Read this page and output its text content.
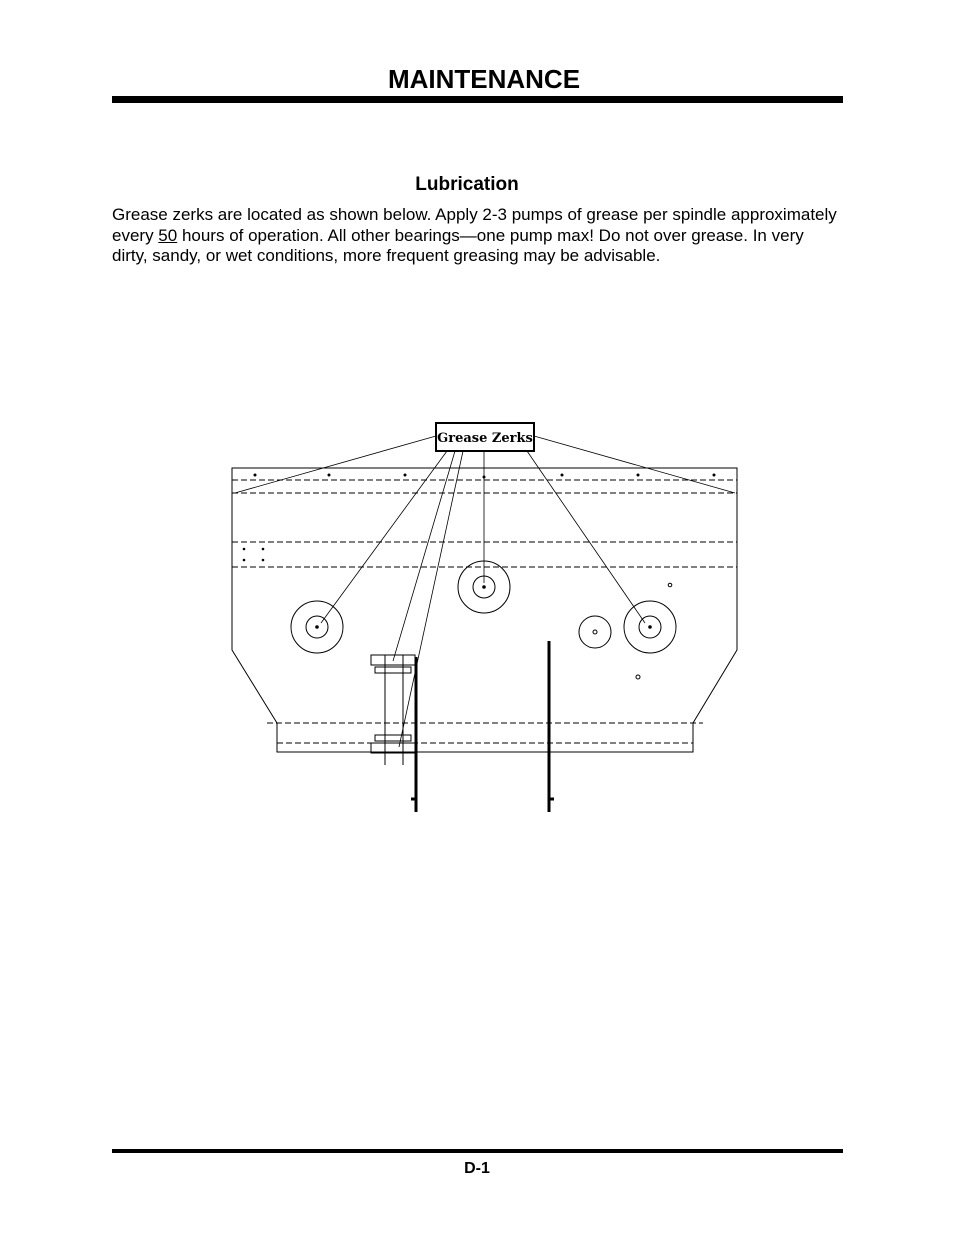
MAINTENANCE
Lubrication

Grease zerks are located as shown below. Apply 2-3 pumps of grease per spindle approximately every 50 hours of operation. All other bearings—one pump max! Do not over grease. In very dirty, sandy, or wet conditions, more frequent greasing may be advisable.

Grease Zerks
D-1
